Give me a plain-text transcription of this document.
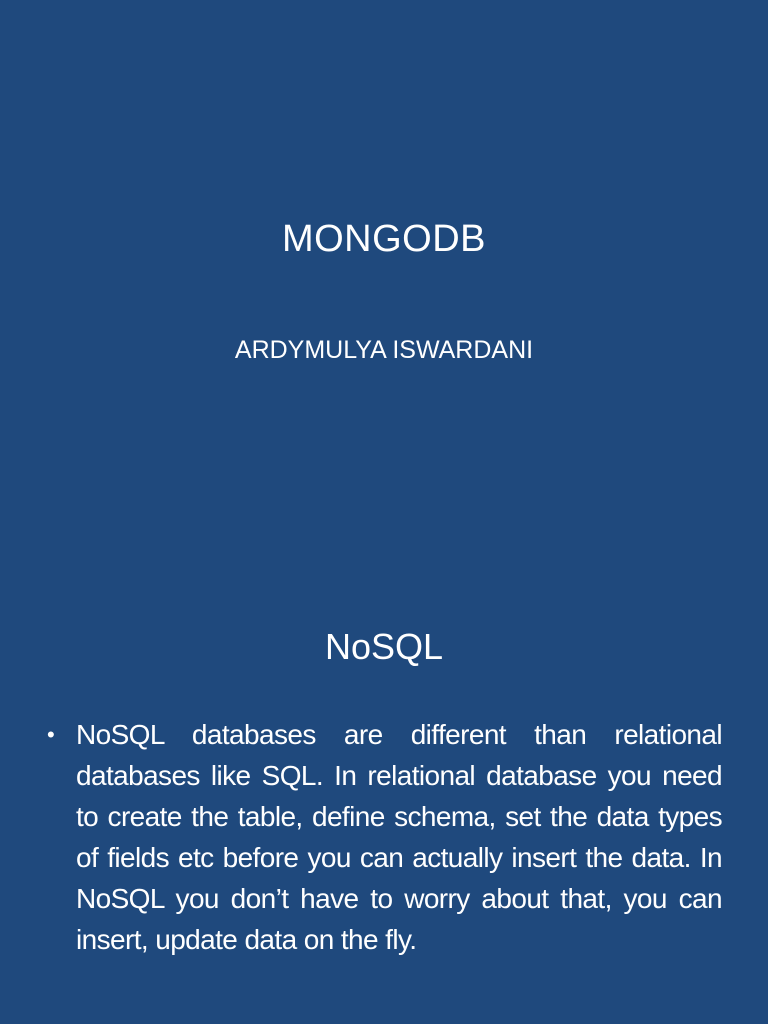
MONGODB
ARDYMULYA ISWARDANI
NoSQL
• NoSQL databases are different than relational databases like SQL. In relational database you need to create the table, define schema, set the data types of fields etc before you can actually insert the data. In NoSQL you don’t have to worry about that, you can insert, update data on the fly.
